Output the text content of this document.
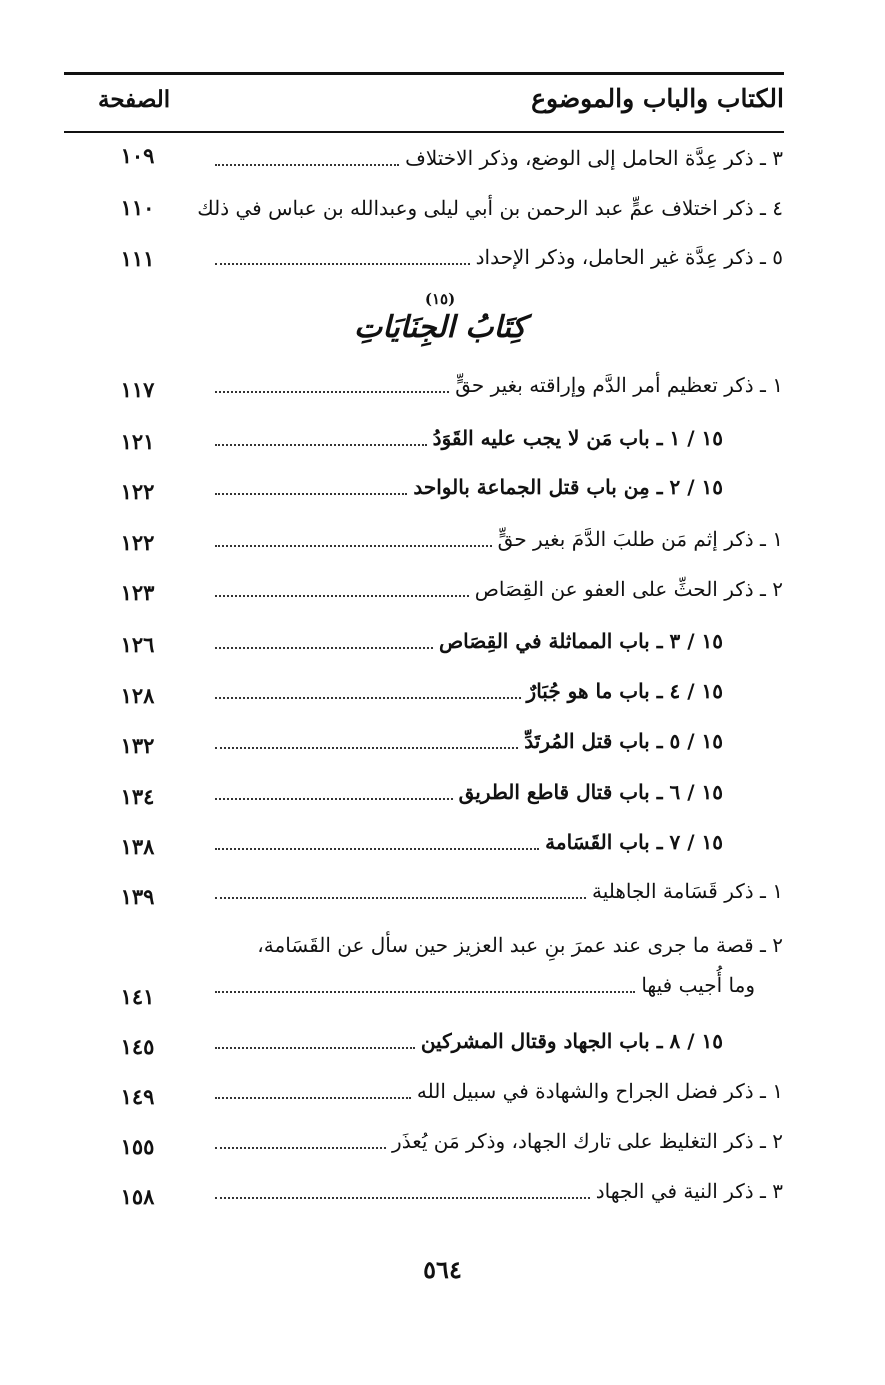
الكتاب والباب والموضوع
الصفحة
٣ ـ ذكر عِدَّة الحامل إلى الوضع، وذكر الاختلاف
١٠٩
٤ ـ ذكر اختلاف عمٍّ عبد الرحمن بن أبي ليلى وعبدالله بن عباس في ذلك
١١٠
٥ ـ ذكر عِدَّة غير الحامل، وذكر الإحداد
١١١
(١٥)
كِتَابُ الجِنَايَاتِ
١ ـ ذكر تعظيم أمر الدَّم وإراقته بغير حقٍّ
١١٧
١٥ / ١ ـ باب مَن لا يجب عليه القَوَدُ
١٢١
١٥ / ٢ ـ مِن باب قتل الجماعة بالواحد
١٢٢
١ ـ ذكر إثم مَن طلبَ الدَّمَ بغير حقٍّ
١٢٢
٢ ـ ذكر الحثِّ على العفو عن القِصَاص
١٢٣
١٥ / ٣ ـ باب المماثلة في القِصَاص
١٢٦
١٥ / ٤ ـ باب ما هو جُبَارٌ
١٢٨
١٥ / ٥ ـ باب قتل المُرتَدِّ
١٣٢
١٥ / ٦ ـ باب قتال قاطع الطريق
١٣٤
١٥ / ٧ ـ باب القَسَامة
١٣٨
١ ـ ذكر قَسَامة الجاهلية
١٣٩
٢ ـ قصة ما جرى عند عمرَ بنِ عبد العزيز حين سأل عن القَسَامة،
وما أُجيب فيها
١٤١
١٥ / ٨ ـ باب الجهاد وقتال المشركين
١٤٥
١ ـ ذكر فضل الجراح والشهادة في سبيل الله
١٤٩
٢ ـ ذكر التغليظ على تارك الجهاد، وذكر مَن يُعذَر
١٥٥
٣ ـ ذكر النية في الجهاد
١٥٨
٥٦٤
